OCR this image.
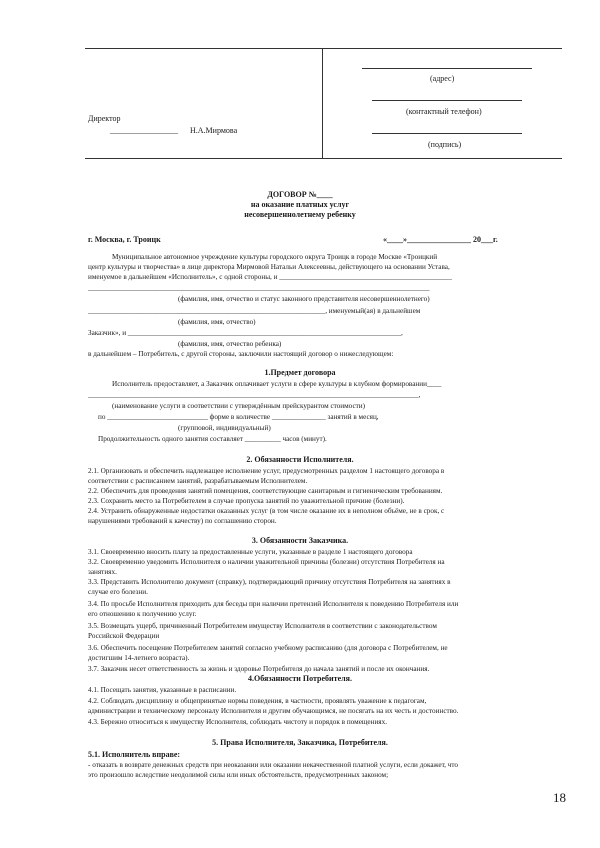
(адрес)
(контактный телефон)
(подпись)
Директор
_________________ Н.А.Мирмова
ДОГОВОР №____
на оказание платных услуг
несовершеннолетнему ребенку
г. Москва, г. Троицк	«____»________________ 20___г.
Муниципальное автономное учреждение культуры городского округа Троицк в городе Москве «Троицкий
центр культуры и творчества» в лице директора Мирмовой Натальи Алексеевны, действующего на основании Устава,
именуемое в дальнейшем «Исполнитель», с одной стороны, и ________________________________________________
_______________________________________________________________________________________________
(фамилия, имя, отчество и статус законного представителя несовершеннолетнего)
__________________________________________________________________, именуемый(ая) в дальнейшем
(фамилия, имя, отчество)
Заказчик», и ____________________________________________________________________________,
(фамилия, имя, отчество ребенка)
в дальнейшем – Потребитель, с другой стороны, заключили настоящий договор о нижеследующем:
1.Предмет договора
Исполнитель предоставляет, а Заказчик оплачивает услуги в сфере культуры в клубном формировании____
____________________________________________________________________________________________,
(наименование услуги в соответствии с утверждённым прейскурантом стоимости)
по ____________________________ форме в количестве _______________ занятий в месяц,
(групповой, индивидуальный)
Продолжительность одного занятия составляет __________ часов (минут).
2. Обязанности Исполнителя.
2.1. Организовать и обеспечить надлежащее исполнение услуг, предусмотренных разделом 1 настоящего договора в
соответствии с расписанием занятий, разрабатываемым Исполнителем.
2.2. Обеспечить для проведения занятий помещения, соответствующие санитарным и гигиеническим требованиям.
2.3. Сохранить место за Потребителем в случае пропуска занятий по уважительной причине (болезни).
2.4. Устранить обнаруженные недостатки оказанных услуг (в том числе оказание их в неполном объёме, не в срок, с
нарушениями требований к качеству) по соглашению сторон.
3. Обязанности Заказчика.
3.1. Своевременно вносить плату за предоставленные услуги, указанные в разделе 1 настоящего договора
3.2. Своевременно уведомить Исполнителя о наличии уважительной причины (болезни) отсутствия Потребителя на
занятиях.
3.3. Представить Исполнителю документ (справку), подтверждающий причину отсутствия Потребителя на занятиях в
случае его болезни.
3.4. По просьбе Исполнителя приходить для беседы при наличии претензий Исполнителя к поведению Потребителя или
его отношению к получению услуг.
3.5. Возмещать ущерб, причиненный Потребителем имуществу Исполнителя в соответствии с законодательством
Российской Федерации
3.6. Обеспечить посещение Потребителем занятий согласно учебному расписанию (для договора с Потребителем, не
достигшим 14-летнего возраста).
3.7. Заказчик несет ответственность за жизнь и здоровье Потребителя до начала занятий и после их окончания.
4.Обязанности Потребителя.
4.1. Посещать занятия, указанные в расписании.
4.2. Соблюдать дисциплину и общепринятые нормы поведения, в частности, проявлять уважение к педагогам,
администрации и техническому персоналу Исполнителя и другим обучающимся, не посягать на их честь и достоинство.
4.3. Бережно относиться к имуществу Исполнителя, соблюдать чистоту и порядок в помещениях.
5. Права Исполнителя, Заказчика, Потребителя.
5.1. Исполнитель вправе:
- отказать в возврате денежных средств при неоказании или оказании некачественной платной услуги, если докажет, что
это произошло вследствие неодолимой силы или иных обстоятельств, предусмотренных законом;
18
